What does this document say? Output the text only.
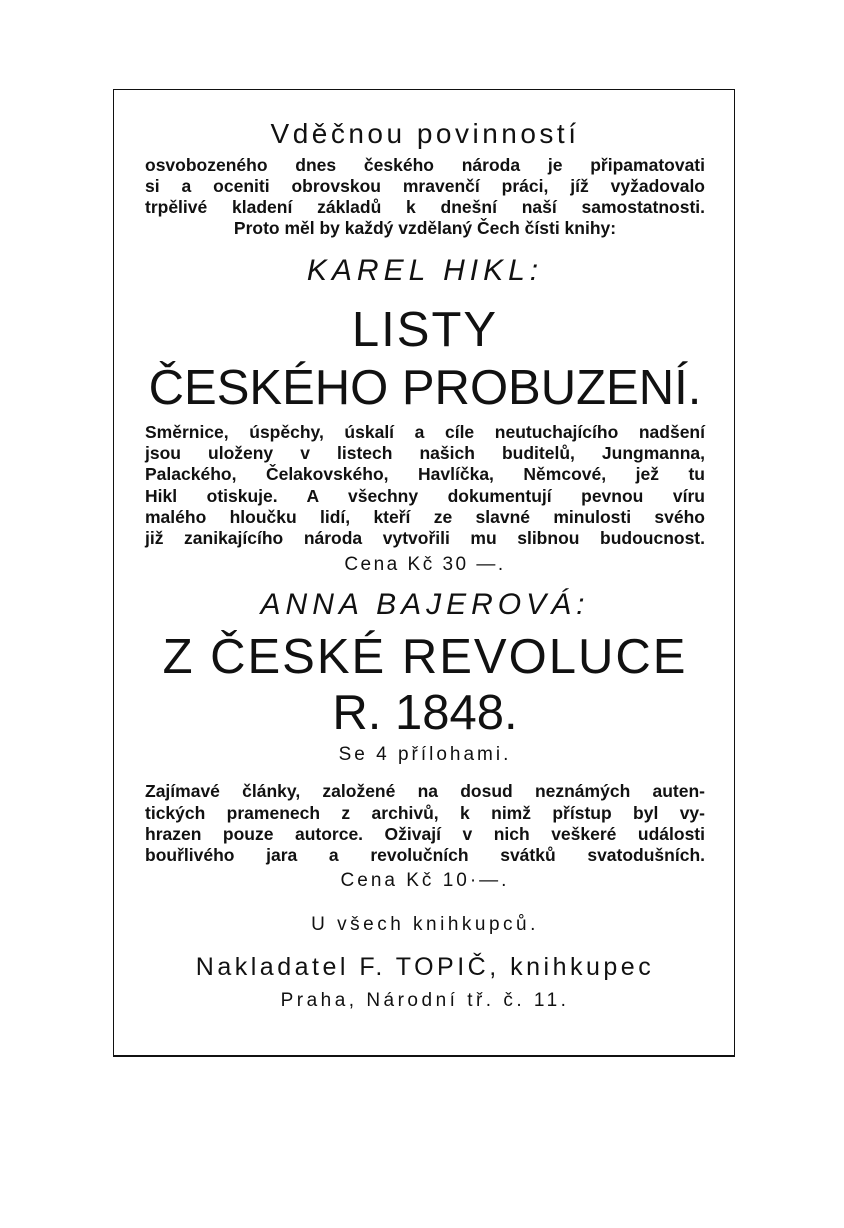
Vděčnou povinností
osvobozeného dnes českého národa je připamatovati
si a oceniti obrovskou mravenčí práci, jíž vyžadovalo
trpělivé kladení základů k dnešní naší samostatnosti.
Proto měl by každý vzdělaný Čech čísti knihy:
KAREL HIKL:
LISTY
ČESKÉHO PROBUZENÍ.
Směrnice, úspěchy, úskalí a cíle neutuchajícího nadšení
jsou uloženy v listech našich buditelů, Jungmanna,
Palackého, Čelakovského, Havlíčka, Němcové, jež tu
Hikl otiskuje. A všechny dokumentují pevnou víru
malého hloučku lidí, kteří ze slavné minulosti svého
již zanikajícího národa vytvořili mu slibnou budoucnost.
Cena Kč 30 —.
ANNA BAJEROVÁ:
Z ČESKÉ REVOLUCE
R. 1848.
Se 4 přílohami.
Zajímavé články, založené na dosud neznámých auten-
tických pramenech z archivů, k nimž přístup byl vy-
hrazen pouze autorce. Oživají v nich veškeré události
bouřlivého jara a revolučních svátků svatodušních.
Cena Kč 10·—.
U všech knihkupců.
Nakladatel F. TOPIČ, knihkupec
Praha, Národní tř. č. 11.
